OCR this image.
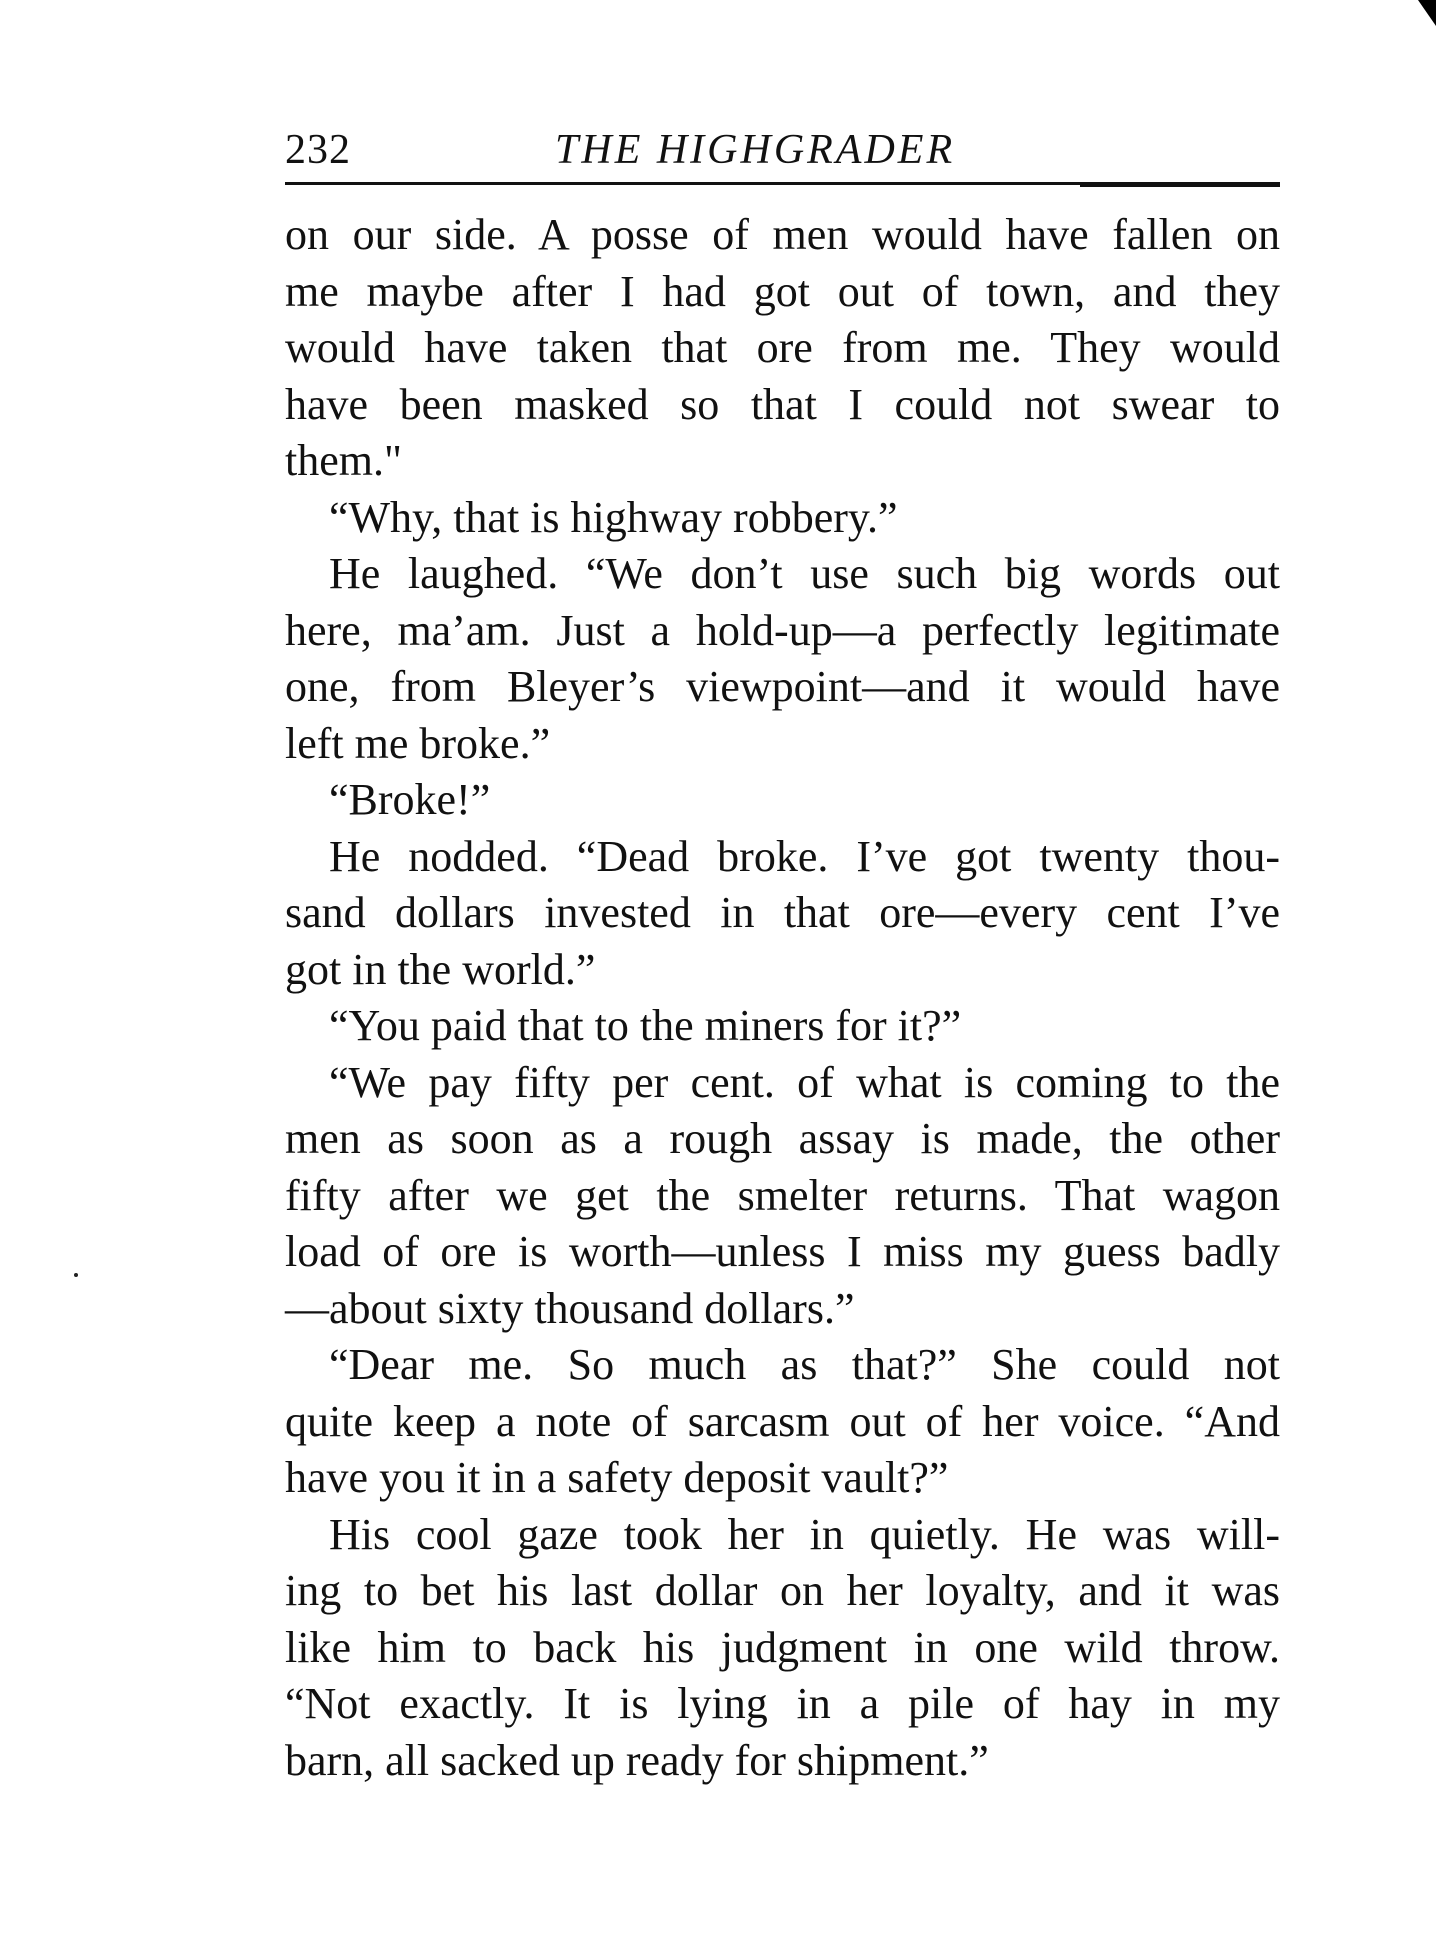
232	THE HIGHGRADER
on our side. A posse of men would have fallen on
me maybe after I had got out of town, and they
would have taken that ore from me. They would
have been masked so that I could not swear to
them."
“Why, that is highway robbery.”
He laughed. “We don’t use such big words out
here, ma’am. Just a hold-up—a perfectly legitimate
one, from Bleyer’s viewpoint—and it would have
left me broke.”
“Broke!”
He nodded. “Dead broke. I’ve got twenty thou-
sand dollars invested in that ore—every cent I’ve
got in the world.”
“You paid that to the miners for it?”
“We pay fifty per cent. of what is coming to the
men as soon as a rough assay is made, the other
fifty after we get the smelter returns. That wagon
load of ore is worth—unless I miss my guess badly
—about sixty thousand dollars.”
“Dear me. So much as that?” She could not
quite keep a note of sarcasm out of her voice. “And
have you it in a safety deposit vault?”
His cool gaze took her in quietly. He was will-
ing to bet his last dollar on her loyalty, and it was
like him to back his judgment in one wild throw.
“Not exactly. It is lying in a pile of hay in my
barn, all sacked up ready for shipment.”
